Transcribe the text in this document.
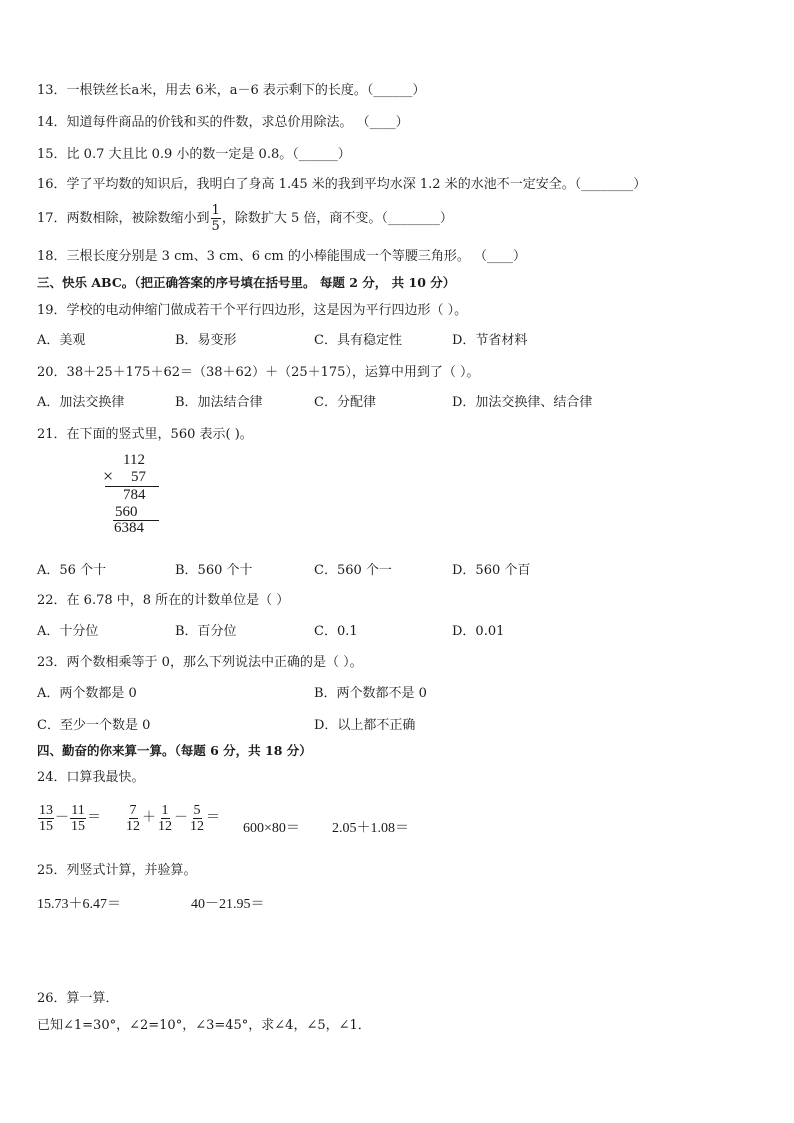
13．一根铁丝长a米，用去 6米，a－6 表示剩下的长度。（______）
14．知道每件商品的价钱和买的件数，求总价用除法。 （____）
15．比 0.7 大且比 0.9 小的数一定是 0.8。（______）
16．学了平均数的知识后，我明白了身高 1.45 米的我到平均水深 1.2 米的水池不一定安全。（________）
17．两数相除，被除数缩小到 $\frac{1}{5}$ ，除数扩大 5 倍，商不变。（________）
18．三根长度分别是 3 cm、3 cm、6 cm 的小棒能围成一个等腰三角形。 （____）
三、快乐 ABC。（把正确答案的序号填在括号里。 每题 2 分， 共 10 分）
19．学校的电动伸缩门做成若干个平行四边形，这是因为平行四边形（ ）。
A．美观	B．易变形	C．具有稳定性	D．节省材料
20．38＋25＋175＋62＝（38＋62）＋（25＋175），运算中用到了（ ）。
A．加法交换律	B．加法结合律	C．分配律	D．加法交换律、结合律
21．在下面的竖式里，560 表示( )。
112
× 57
784
560
6384
A．56 个十	B．560 个十	C．560 个一	D．560 个百
22．在 6.78 中，8 所在的计数单位是（ ）
A．十分位	B．百分位	C．0.1	D．0.01
23．两个数相乘等于 0，那么下列说法中正确的是（ ）。
A．两个数都是 0	B．两个数都不是 0
C．至少一个数是 0	D．以上都不正确
四、勤奋的你来算一算。（每题 6 分，共 18 分）
24．口算我最快。
$\frac{13}{15} - \frac{11}{15} = \frac{7}{12} + \frac{1}{12} - \frac{5}{12}$ ＝
600×80＝ 2.05＋1.08＝
25．列竖式计算，并验算。
15.73＋6.47＝	40－21.95＝
26．算一算．
已知∠1=30°，∠2=10°，∠3=45°，求∠4，∠5，∠1．
